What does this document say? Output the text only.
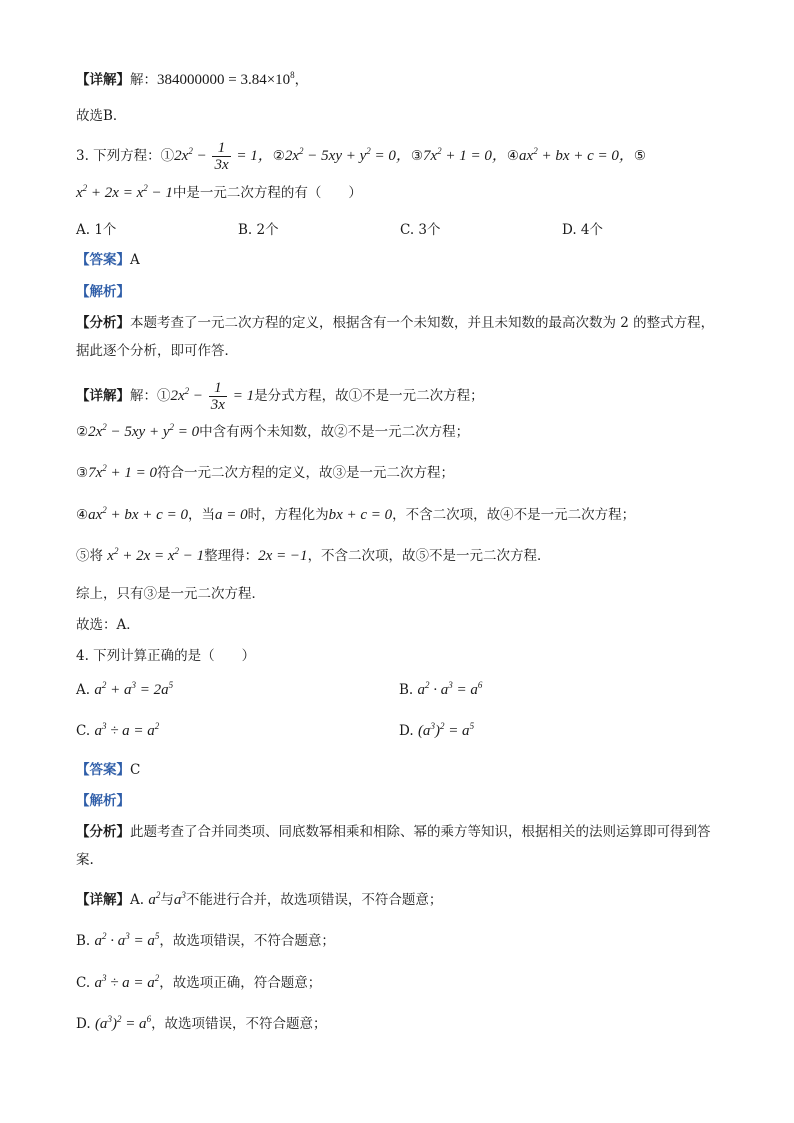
【详解】解：$384000000 = 3.84\times 10^8$，
故选B．
3. 下列方程：$①2x^2 - \frac{1}{3x} = 1$，$②2x^2 - 5xy + y^2 = 0$，$③7x^2 + 1 = 0$，$④ax^2$ + bx + c = 0，⑤
$x^2 + 2x = x^2 - 1$中是一元二次方程的有（　　）
A. 1个	B. 2个	C. 3个	D. 4个
【答案】A
【解析】
【分析】本题考查了一元二次方程的定义，根据含有一个未知数，并且未知数的最高次数为 2 的整式方程，据此逐个分析，即可作答．
【详解】解：$①2x^2 - \frac{1}{3x} = 1$是分式方程，故①不是一元二次方程；
$②2x^2 - 5xy + y^2 = 0$中含有两个未知数，故②不是一元二次方程；
$③7x^2 + 1 = 0$符合一元二次方程的定义，故③是一元二次方程；
$④ax^2$ + bx + c = 0，当a = 0时，方程化为bx + c = 0，不含二次项，故④不是一元二次方程；
⑤将 $x^2 + 2x = x^2 - 1$整理得：2x = −1，不含二次项，故⑤不是一元二次方程．
综上，只有③是一元二次方程．
故选：A．
4. 下列计算正确的是（　　）
A. $a^2 + a^3 = 2a^5$	B. $a^2 \cdot a^3 = a^6$
C. $a^3 \div a = a^2$	D. $(a^3)^2 = a^5$
【答案】C
【解析】
【分析】此题考查了合并同类项、同底数幂相乘和相除、幂的乘方等知识，根据相关的法则运算即可得到答案.
【详解】A. $a^2$与$a^3$不能进行合并，故选项错误，不符合题意；
B. $a^2 \cdot a^3 = a^5$，故选项错误，不符合题意；
C. $a^3 \div a = a^2$，故选项正确，符合题意；
D. $(a^3)^2 = a^6$，故选项错误，不符合题意；
